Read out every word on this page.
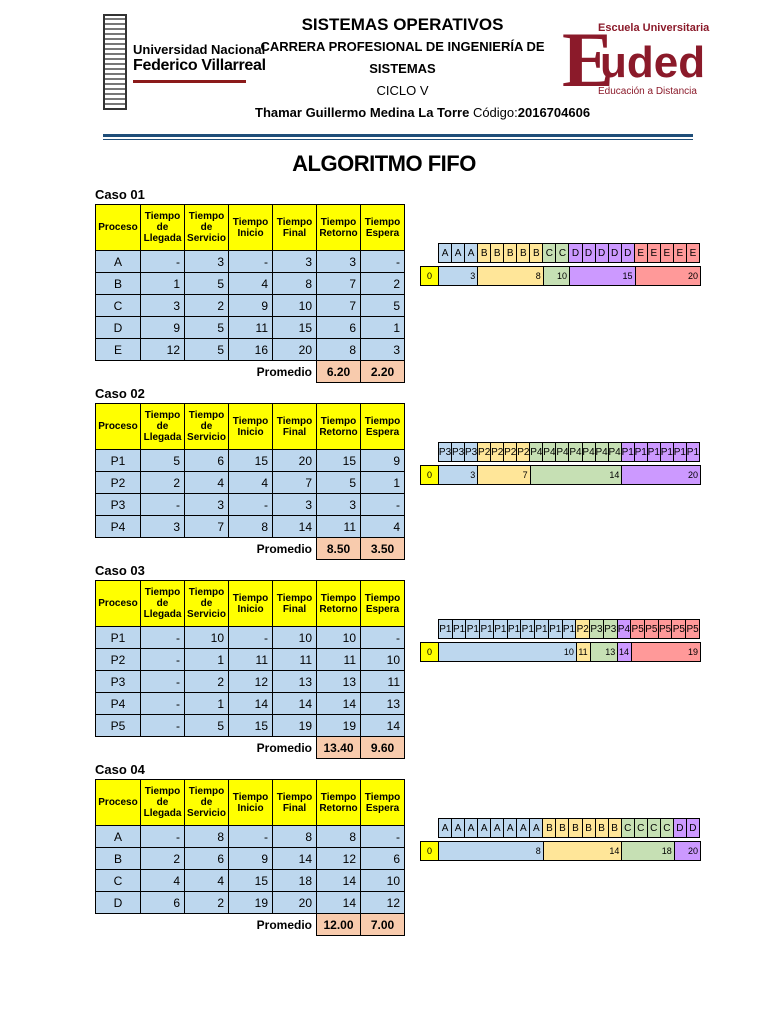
Universidad Nacional
Federico Villarreal
SISTEMAS OPERATIVOS
CARRERA PROFESIONAL DE INGENIERÍA DE SISTEMAS
CICLO V
Thamar Guillermo Medina La Torre Código:2016704606
E
Escuela Universitaria
uded
Educación a Distancia
ALGORITMO FIFO
Caso 01
Proceso	Tiempo de Llegada	Tiempo de Servicio	Tiempo Inicio	Tiempo Final	Tiempo Retorno	Tiempo Espera
A	-	3	-	3	3	-
B	1	5	4	8	7	2
C	3	2	9	10	7	5
D	9	5	11	15	6	1
E	12	5	16	20	8	3
Promedio					6.20	2.20
A A A B B B B B C C D D D D D E E E E E
0	3	8	10	15	20
Caso 02
Proceso	Tiempo de Llegada	Tiempo de Servicio	Tiempo Inicio	Tiempo Final	Tiempo Retorno	Tiempo Espera
P1	5	6	15	20	15	9
P2	2	4	4	7	5	1
P3	-	3	-	3	3	-
P4	3	7	8	14	11	4
Promedio					8.50	3.50
P3 P3 P3 P2 P2 P2 P2 P4 P4 P4 P4 P4 P4 P4 P1 P1 P1 P1 P1 P1
0	3	7	14	20
Caso 03
Proceso	Tiempo de Llegada	Tiempo de Servicio	Tiempo Inicio	Tiempo Final	Tiempo Retorno	Tiempo Espera
P1	-	10	-	10	10	-
P2	-	1	11	11	11	10
P3	-	2	12	13	13	11
P4	-	1	14	14	14	13
P5	-	5	15	19	19	14
Promedio					13.40	9.60
P1 P1 P1 P1 P1 P1 P1 P1 P1 P1 P2 P3 P3 P4 P5 P5 P5 P5 P5
0	10 11	13 14	19
Caso 04
Proceso	Tiempo de Llegada	Tiempo de Servicio	Tiempo Inicio	Tiempo Final	Tiempo Retorno	Tiempo Espera
A	-	8	-	8	8	-
B	2	6	9	14	12	6
C	4	4	15	18	14	10
D	6	2	19	20	14	12
Promedio					12.00	7.00
A A A A A A A A B B B B B B C C C C D D
0	8	14	18	20
